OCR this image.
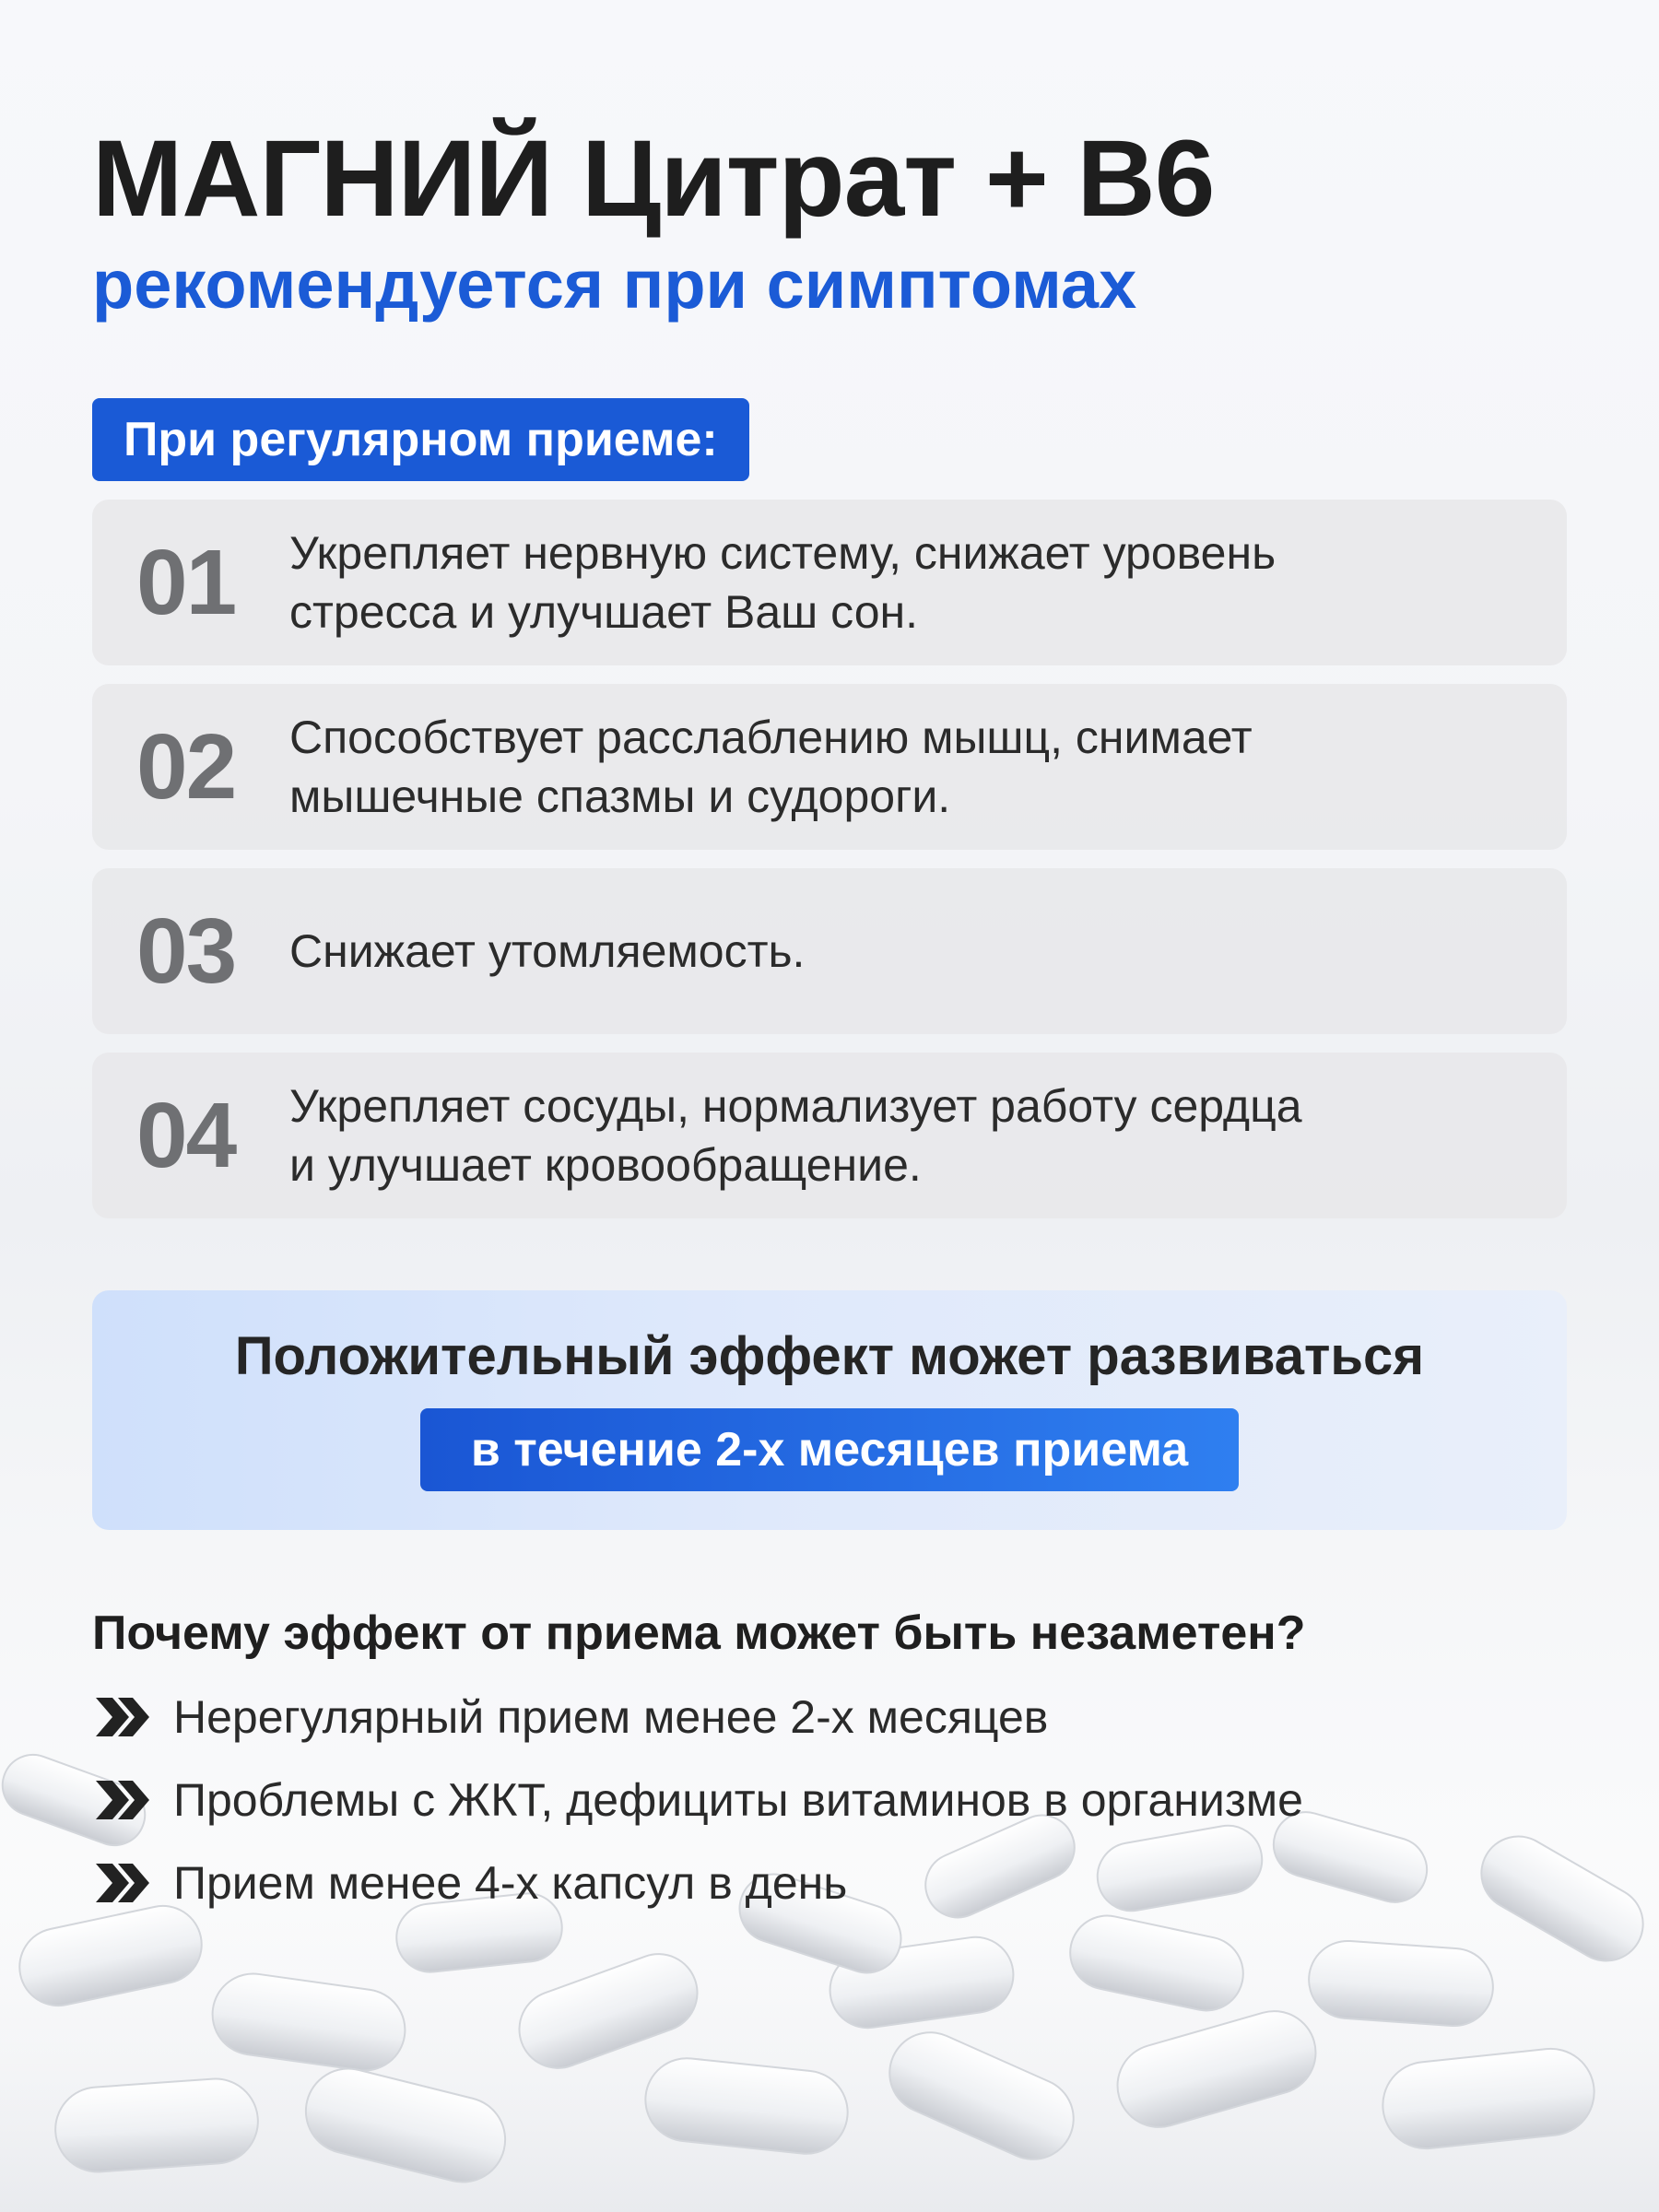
МАГНИЙ Цитрат + B6
рекомендуется при симптомах
При регулярном приеме:
01 Укрепляет нервную систему, снижает уровень
стресса и улучшает Ваш сон.
02 Способствует расслаблению мышц, снимает
мышечные спазмы и судороги.
03 Снижает утомляемость.
04 Укрепляет сосуды, нормализует работу сердца
и улучшает кровообращение.
Положительный эффект может развиваться
в течение 2-х месяцев приема
Почему эффект от приема может быть незаметен?
Нерегулярный прием менее 2-х месяцев
Проблемы с ЖКТ, дефициты витаминов в организме
Прием менее 4-х капсул в день
